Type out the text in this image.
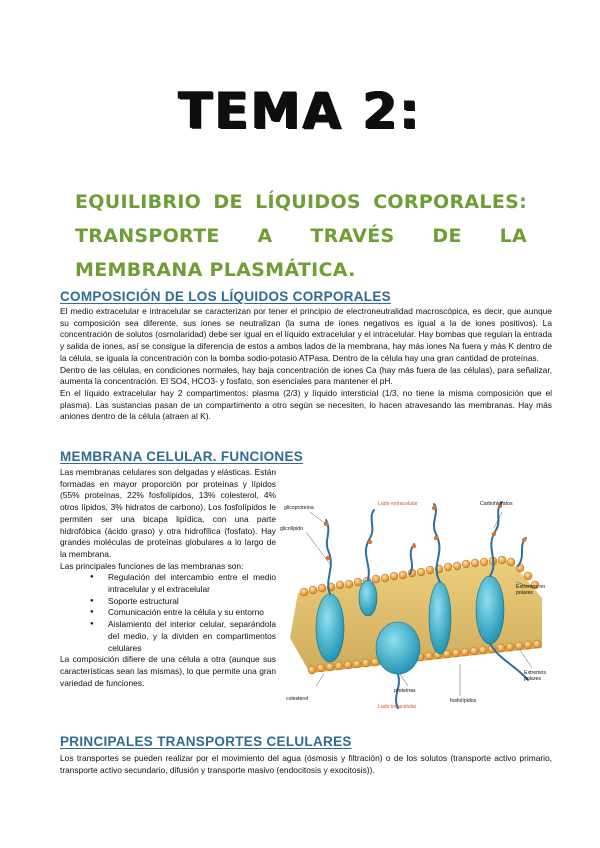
TEMA 2:
EQUILIBRIO DE LÍQUIDOS CORPORALES: TRANSPORTE A TRAVÉS DE LA MEMBRANA PLASMÁTICA.
COMPOSICIÓN DE LOS LÍQUIDOS CORPORALES
El medio extracelular e intracelular se caracterizan por tener el principio de electroneutralidad macroscópica, es decir, que aunque su composición sea diferente, sus iones se neutralizan (la suma de iones negativos es igual a la de iones positivos). La concentración de solutos (osmolaridad) debe ser igual en el líquido extracelular y el intracelular. Hay bombas que regulan la entrada y salida de iones, así se consigue la diferencia de estos a ambos lados de la membrana, hay más iones Na fuera y más K dentro de la célula, se iguala la concentración con la bomba sodio-potasio ATPasa. Dentro de la célula hay una gran cantidad de proteínas.
Dentro de las células, en condiciones normales, hay baja concentración de iones Ca (hay más fuera de las células), para señalizar, aumenta la concentración. El SO4, HCO3- y fosfato, son esenciales para mantener el pH.
En el líquido extracelular hay 2 compartimentos: plasma (2/3) y líquido intersticial (1/3, no tiene la misma composición que el plasma). Las sustancias pasan de un compartimento a otro según se necesiten, lo hacen atravesando las membranas. Hay más aniones dentro de la célula (atraen al K).
MEMBRANA CELULAR. FUNCIONES
Las membranas celulares son delgadas y elásticas. Están formadas en mayor proporción por proteínas y lípidos (55% proteínas, 22% fosfolípidos, 13% colesterol, 4% otros lípidos, 3% hidratos de carbono). Los fosfolípidos le permiten ser una bicapa lipídica, con una parte hidrofóbica (ácido graso) y otra hidrofílica (fosfato). Hay grandes moléculas de proteínas globulares a lo largo de la membrana.
Las principales funciones de las membranas son:
● Regulación del intercambio entre el medio intracelular y el extracelular
● Soporte estructural
● Comunicación entre la célula y su entorno
● Aislamiento del interior celular, separándola del medio, y la dividen en compartimentos celulares
La composición difiere de una célula a otra (aunque sus características sean las mismas), lo que permite una gran variedad de funciones.
glicoproteína
Lado extracelular	Carbohidratos
glicolípido
Extremos no polares
Extremos polares
colesterol
proteínas
fosfolípidos
Lado intracelular
PRINCIPALES TRANSPORTES CELULARES

Los transportes se pueden realizar por el movimiento del agua (ósmosis y filtración) o de los solutos (transporte activo primario, transporte activo secundario, difusión y transporte masivo (endocitosis y exocitosis)).
